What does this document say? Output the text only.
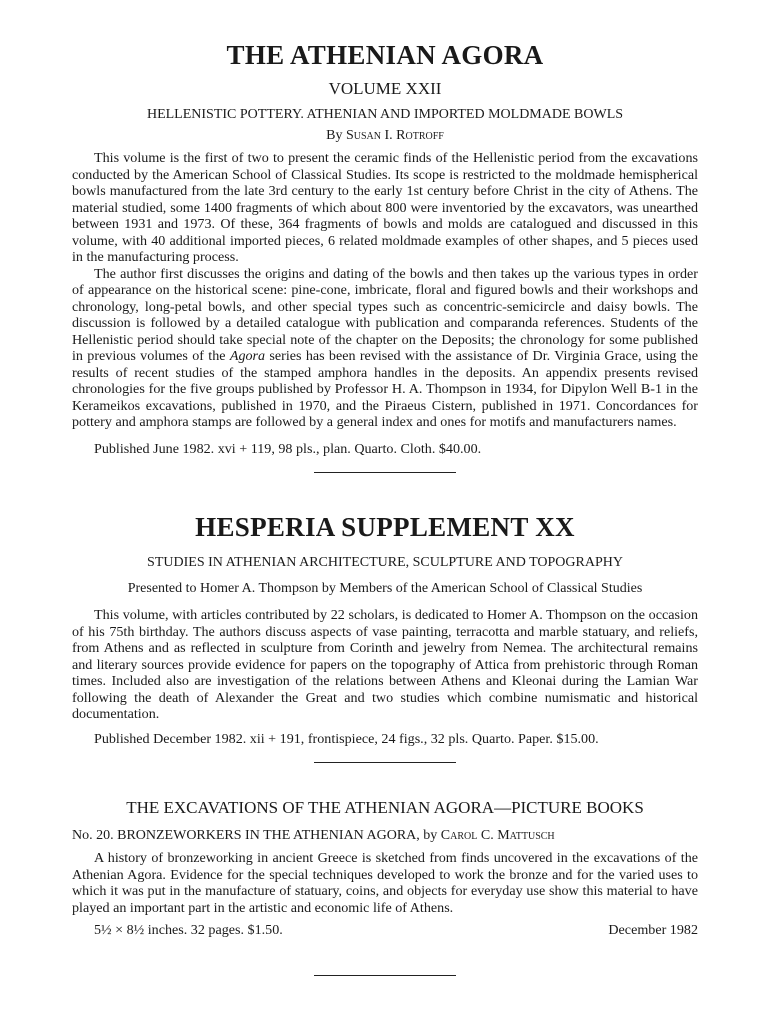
THE ATHENIAN AGORA

VOLUME XXII

HELLENISTIC POTTERY. ATHENIAN AND IMPORTED MOLDMADE BOWLS

By Susan I. Rotroff

This volume is the first of two to present the ceramic finds of the Hellenistic period from the excavations conducted by the American School of Classical Studies. Its scope is restricted to the moldmade hemispherical bowls manufactured from the late 3rd century to the early 1st century before Christ in the city of Athens. The material studied, some 1400 fragments of which about 800 were inventoried by the excavators, was unearthed between 1931 and 1973. Of these, 364 fragments of bowls and molds are catalogued and discussed in this volume, with 40 additional imported pieces, 6 related moldmade examples of other shapes, and 5 pieces used in the manufacturing process.

The author first discusses the origins and dating of the bowls and then takes up the various types in order of appearance on the historical scene: pine-cone, imbricate, floral and figured bowls and their workshops and chronology, long-petal bowls, and other special types such as concentric-semicircle and daisy bowls. The discussion is followed by a detailed catalogue with publication and comparanda references. Students of the Hellenistic period should take special note of the chapter on the Deposits; the chronology for some published in previous volumes of the Agora series has been revised with the assistance of Dr. Virginia Grace, using the results of recent studies of the stamped amphora handles in the deposits. An appendix presents revised chronologies for the five groups published by Professor H. A. Thompson in 1934, for Dipylon Well B-1 in the Kerameikos excavations, published in 1970, and the Piraeus Cistern, published in 1971. Concordances for pottery and amphora stamps are followed by a general index and ones for motifs and manufacturers names.

Published June 1982. xvi + 119, 98 pls., plan. Quarto. Cloth. $40.00.

HESPERIA SUPPLEMENT XX

STUDIES IN ATHENIAN ARCHITECTURE, SCULPTURE AND TOPOGRAPHY

Presented to Homer A. Thompson by Members of the American School of Classical Studies

This volume, with articles contributed by 22 scholars, is dedicated to Homer A. Thompson on the occasion of his 75th birthday. The authors discuss aspects of vase painting, terracotta and marble statuary, and reliefs, from Athens and as reflected in sculpture from Corinth and jewelry from Nemea. The architectural remains and literary sources provide evidence for papers on the topography of Attica from prehistoric through Roman times. Included also are investigation of the relations between Athens and Kleonai during the Lamian War following the death of Alexander the Great and two studies which combine numismatic and historical documentation.

Published December 1982. xii + 191, frontispiece, 24 figs., 32 pls. Quarto. Paper. $15.00.

THE EXCAVATIONS OF THE ATHENIAN AGORA—PICTURE BOOKS

No. 20. BRONZEWORKERS IN THE ATHENIAN AGORA, by Carol C. Mattusch

A history of bronzeworking in ancient Greece is sketched from finds uncovered in the excavations of the Athenian Agora. Evidence for the special techniques developed to work the bronze and for the varied uses to which it was put in the manufacture of statuary, coins, and objects for everyday use show this material to have played an important part in the artistic and economic life of Athens.

5½ × 8½ inches. 32 pages. $1.50.	December 1982
